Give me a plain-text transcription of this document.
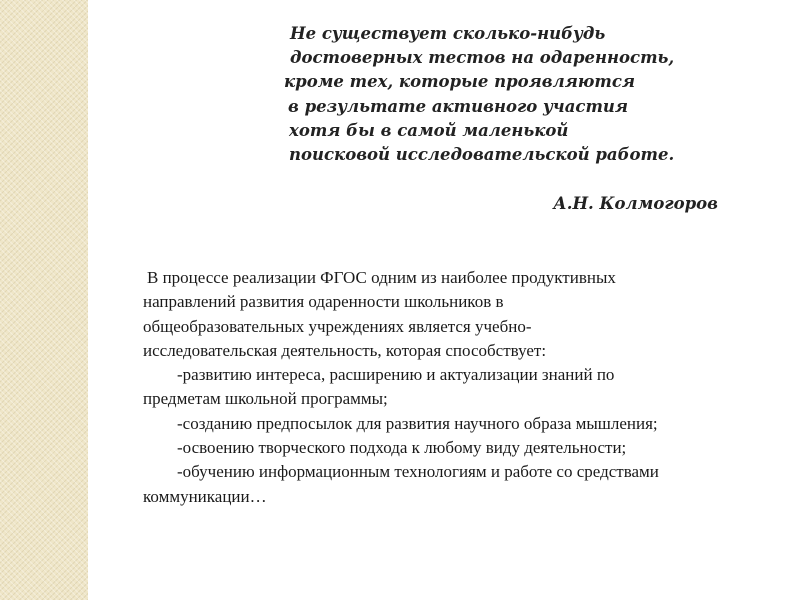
Не существует сколько-нибудь
достоверных тестов на одаренность,
кроме тех, которые проявляются
в результате активного участия
хотя бы в самой маленькой
поисковой исследовательской работе.
А.Н. Колмогоров
В процессе реализации ФГОС одним из наиболее продуктивных
направлений развития одаренности школьников в
общеобразовательных учреждениях является учебно-
исследовательская деятельность, которая способствует:
-развитию интереса, расширению и актуализации знаний по
предметам школьной программы;
-созданию предпосылок для развития научного образа мышления;
-освоению творческого подхода к любому виду деятельности;
-обучению информационным технологиям и работе со средствами
коммуникации…
